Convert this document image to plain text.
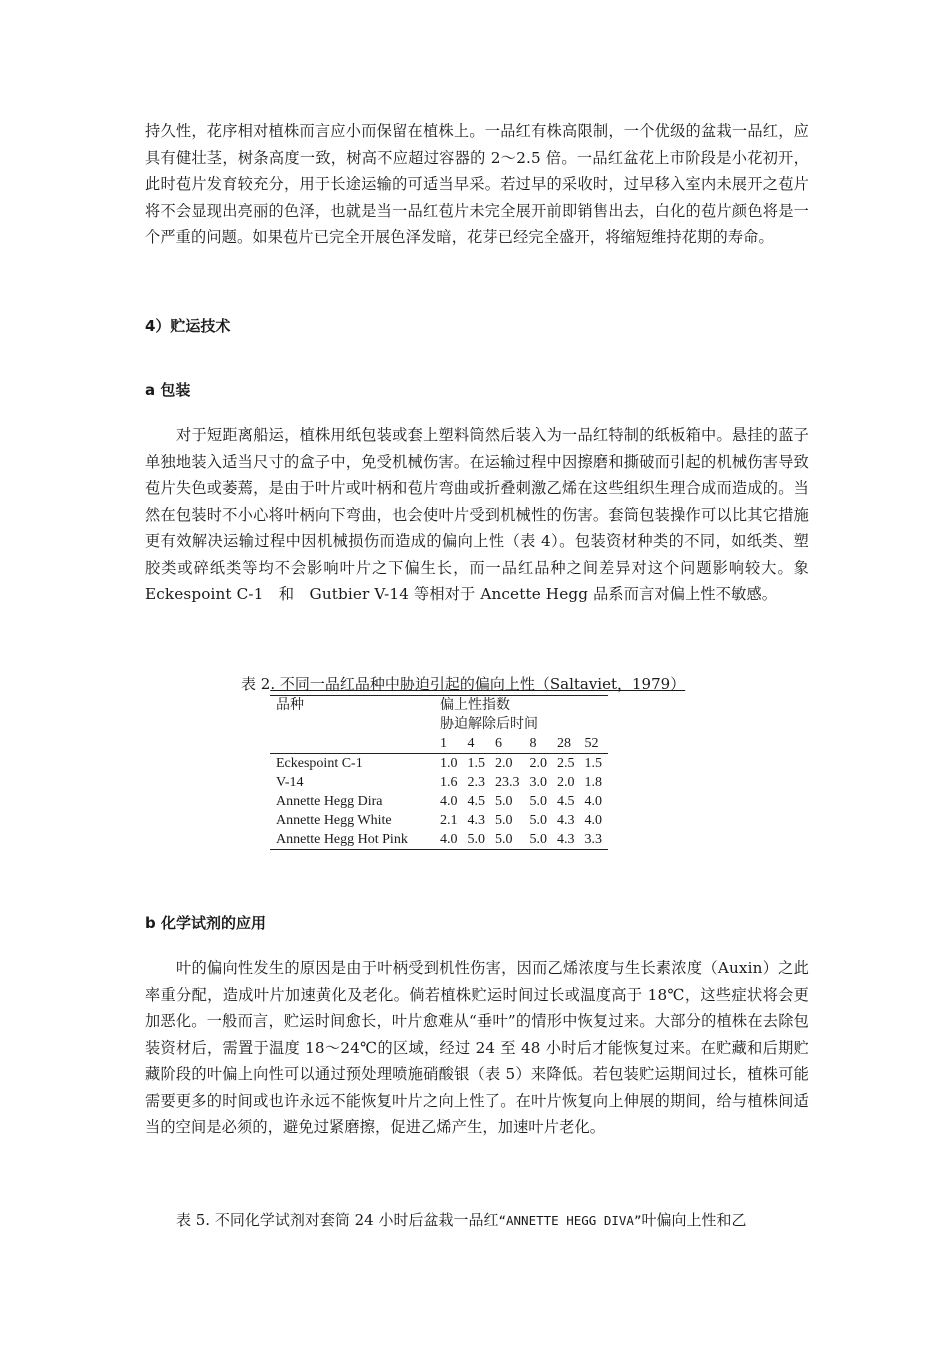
持久性，花序相对植株而言应小而保留在植株上。一品红有株高限制，一个优级的盆栽一品红，应具有健壮茎，树条高度一致，树高不应超过容器的 2～2.5 倍。一品红盆花上市阶段是小花初开，此时苞片发育较充分，用于长途运输的可适当早采。若过早的采收时，过早移入室内未展开之苞片将不会显现出亮丽的色泽，也就是当一品红苞片未完全展开前即销售出去，白化的苞片颜色将是一个严重的问题。如果苞片已完全开展色泽发暗，花芽已经完全盛开，将缩短维持花期的寿命。

4）贮运技术

a 包装

对于短距离船运，植株用纸包装或套上塑料筒然后装入为一品红特制的纸板箱中。悬挂的蓝子单独地装入适当尺寸的盒子中，免受机械伤害。在运输过程中因擦磨和撕破而引起的机械伤害导致苞片失色或萎蔫，是由于叶片或叶柄和苞片弯曲或折叠刺激乙烯在这些组织生理合成而造成的。当然在包装时不小心将叶柄向下弯曲，也会使叶片受到机械性的伤害。套筒包装操作可以比其它措施更有效解决运输过程中因机械损伤而造成的偏向上性（表 4）。包装资材种类的不同，如纸类、塑胶类或碎纸类等均不会影响叶片之下偏生长，而一品红品种之间差异对这个问题影响较大。象 Eckespoint C-1　和　Gutbier V-14 等相对于 Ancette Hegg 品系而言对偏上性不敏感。

表 2. 不同一品红品种中胁迫引起的偏向上性（Saltaviet，1979）

品种	偏上性指数					
	胁迫解除后时间					
	1	4	6	8	28	52
Eckespoint C-1	1.0	1.5	2.0	2.0	2.5	1.5
V-14	1.6	2.3	23.3	3.0	2.0	1.8
Annette Hegg Dira	4.0	4.5	5.0	5.0	4.5	4.0
Annette Hegg White	2.1	4.3	5.0	5.0	4.3	4.0
Annette Hegg Hot Pink	4.0	5.0	5.0	5.0	4.3	3.3

b 化学试剂的应用

叶的偏向性发生的原因是由于叶柄受到机性伤害，因而乙烯浓度与生长素浓度（Auxin）之此率重分配，造成叶片加速黄化及老化。倘若植株贮运时间过长或温度高于 18℃，这些症状将会更加恶化。一般而言，贮运时间愈长，叶片愈难从“垂叶”的情形中恢复过来。大部分的植株在去除包装资材后，需置于温度 18～24℃的区域，经过 24 至 48 小时后才能恢复过来。在贮藏和后期贮藏阶段的叶偏上向性可以通过预处理喷施硝酸银（表 5）来降低。若包装贮运期间过长，植株可能需要更多的时间或也许永远不能恢复叶片之向上性了。在叶片恢复向上伸展的期间，给与植株间适当的空间是必须的，避免过紧磨擦，促进乙烯产生，加速叶片老化。

表 5. 不同化学试剂对套筒 24 小时后盆栽一品红“ANNETTE HEGG DIVA”叶偏向上性和乙
